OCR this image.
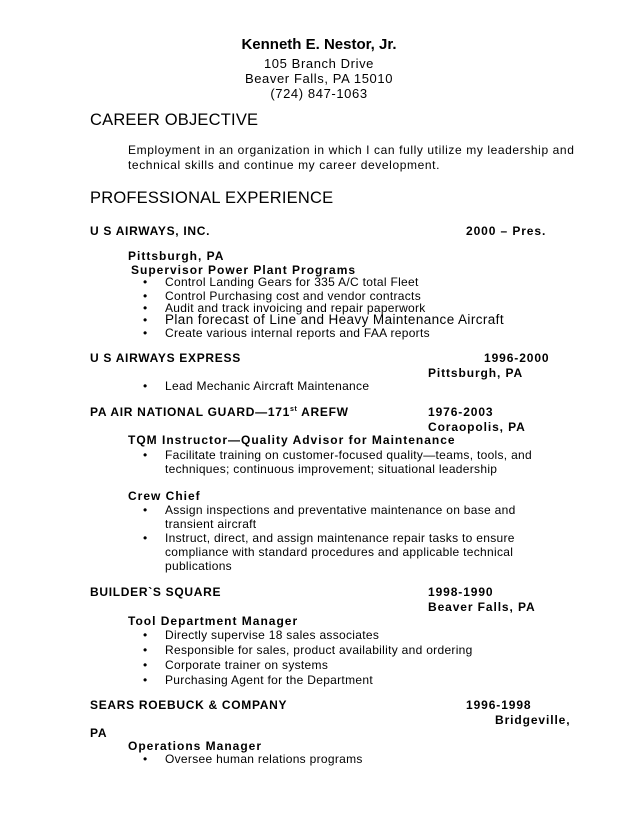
Kenneth E. Nestor, Jr.
105 Branch Drive
Beaver Falls, PA 15010
(724) 847-1063
CAREER OBJECTIVE
Employment in an organization in which I can fully utilize my leadership and
technical skills and continue my career development.
PROFESSIONAL EXPERIENCE
U S AIRWAYS, INC.	2000 – Pres.
Pittsburgh, PA
Supervisor Power Plant Programs
• Control Landing Gears for 335 A/C total Fleet
• Control Purchasing cost and vendor contracts
• Audit and track invoicing and repair paperwork
• Plan forecast of Line and Heavy Maintenance Aircraft
• Create various internal reports and FAA reports
U S AIRWAYS EXPRESS	1996-2000
Pittsburgh, PA
• Lead Mechanic Aircraft Maintenance
PA AIR NATIONAL GUARD—171st AREFW	1976-2003
Coraopolis, PA
TQM Instructor—Quality Advisor for Maintenance
• Facilitate training on customer-focused quality—teams, tools, and
techniques; continuous improvement; situational leadership
Crew Chief
• Assign inspections and preventative maintenance on base and
transient aircraft
• Instruct, direct, and assign maintenance repair tasks to ensure
compliance with standard procedures and applicable technical
publications
BUILDER`S SQUARE	1998-1990
Beaver Falls, PA
Tool Department Manager
• Directly supervise 18 sales associates
• Responsible for sales, product availability and ordering
• Corporate trainer on systems
• Purchasing Agent for the Department
SEARS ROEBUCK & COMPANY	1996-1998
Bridgeville,
PA
Operations Manager
• Oversee human relations programs
